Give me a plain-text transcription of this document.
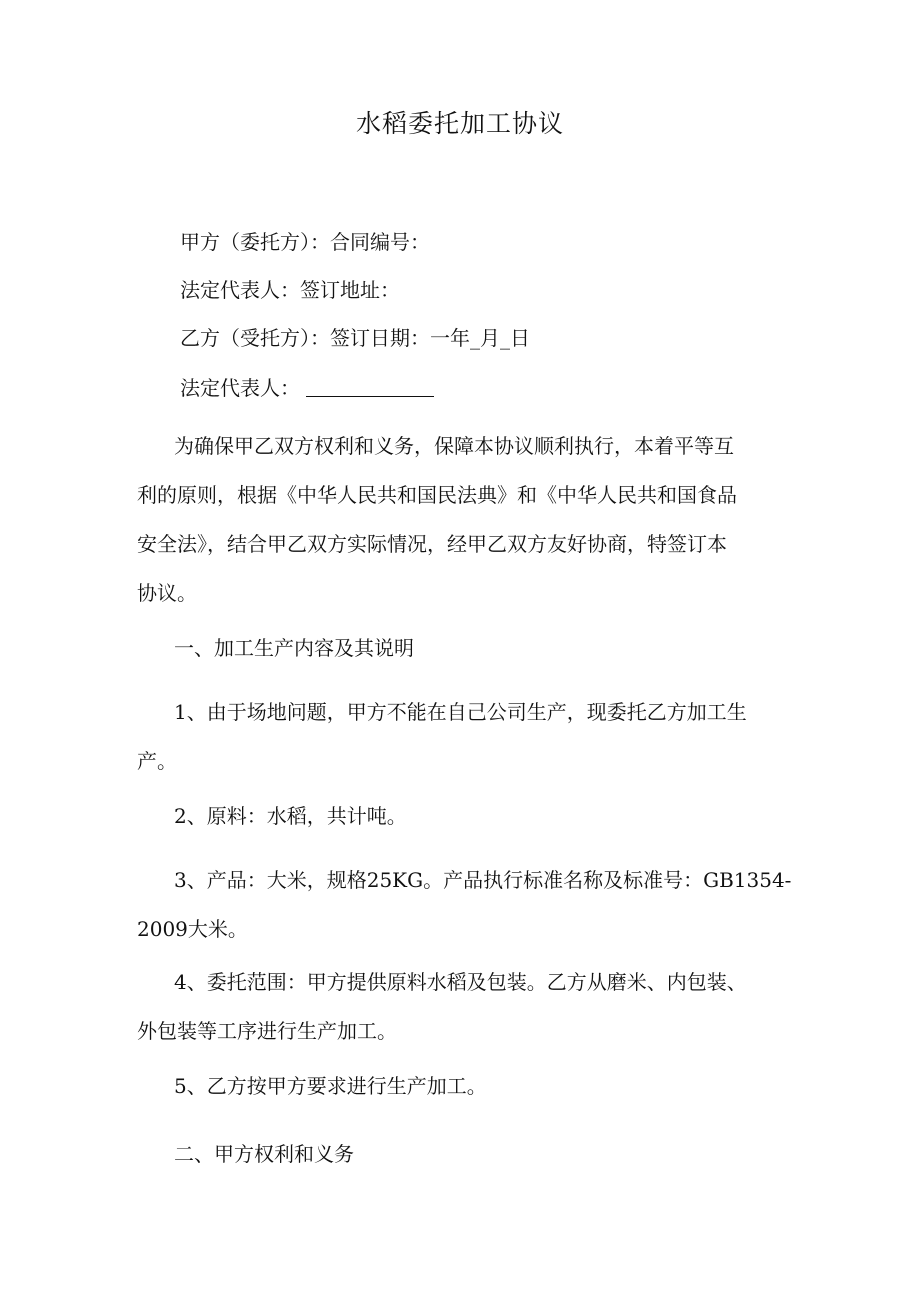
水稻委托加工协议
甲方（委托方）：合同编号：
法定代表人：签订地址：
乙方（受托方）：签订日期：一年_月_日
法定代表人：
为确保甲乙双方权利和义务，保障本协议顺利执行，本着平等互
利的原则，根据《中华人民共和国民法典》和《中华人民共和国食品
安全法》，结合甲乙双方实际情况，经甲乙双方友好协商，特签订本
协议。
一、加工生产内容及其说明
1、由于场地问题，甲方不能在自己公司生产，现委托乙方加工生
产。
2、原料：水稻，共计吨。
3、产品：大米，规格25KG。产品执行标准名称及标准号：GB1354-
2009大米。
4、委托范围：甲方提供原料水稻及包装。乙方从磨米、内包装、
外包装等工序进行生产加工。
5、乙方按甲方要求进行生产加工。
二、甲方权利和义务
